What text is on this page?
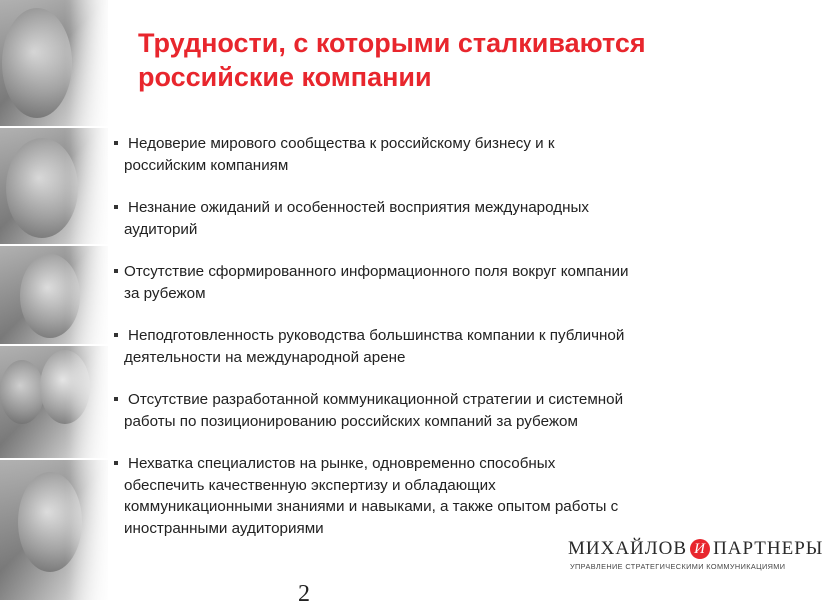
Трудности, с которыми сталкиваются
российские компании
Недоверие мирового сообщества к российскому бизнесу и к
российским компаниям
Незнание ожиданий и особенностей восприятия международных
аудиторий
Отсутствие сформированного информационного поля вокруг компании
за рубежом
Неподготовленность руководства большинства компании к публичной
деятельности на международной арене
Отсутствие разработанной коммуникационной стратегии и системной
работы по позиционированию российских компаний за рубежом
Нехватка специалистов на рынке, одновременно способных
обеспечить качественную экспертизу и обладающих
коммуникационными знаниями и навыками, а также опытом работы с
иностранными аудиториями
МИХАЙЛОВ И ПАРТНЕРЫ
УПРАВЛЕНИЕ СТРАТЕГИЧЕСКИМИ КОММУНИКАЦИЯМИ
2
